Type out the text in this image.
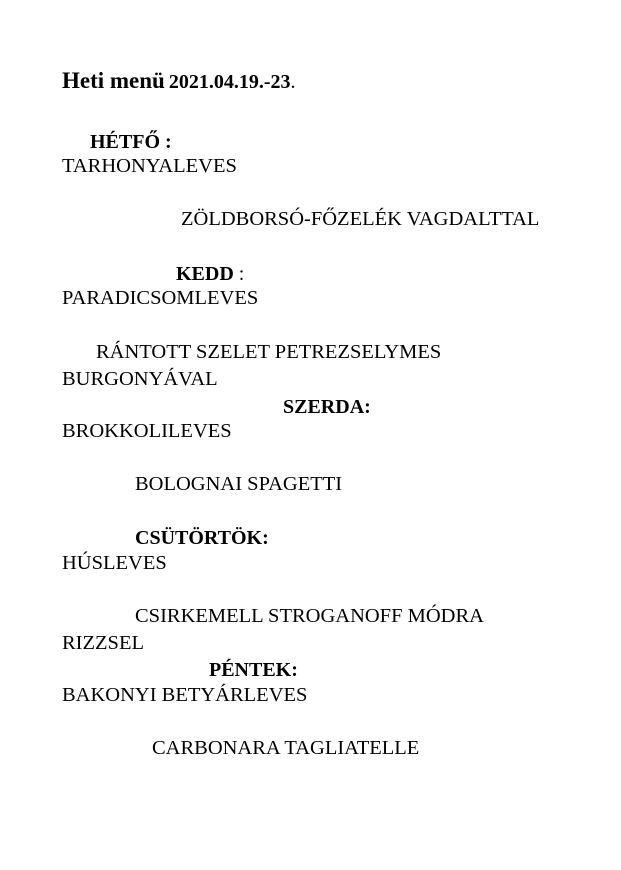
Heti menü 2021.04.19.-23.
HÉTFŐ :
TARHONYALEVES
ZÖLDBORSÓ-FŐZELÉK VAGDALTTAL
KEDD :
PARADICSOMLEVES
RÁNTOTT SZELET PETREZSELYMES
BURGONYÁVAL
SZERDA:
BROKKOLILEVES
BOLOGNAI SPAGETTI
CSÜTÖRTÖK:
HÚSLEVES
CSIRKEMELL STROGANOFF MÓDRA
RIZZSEL
PÉNTEK:
BAKONYI BETYÁRLEVES
CARBONARA TAGLIATELLE
